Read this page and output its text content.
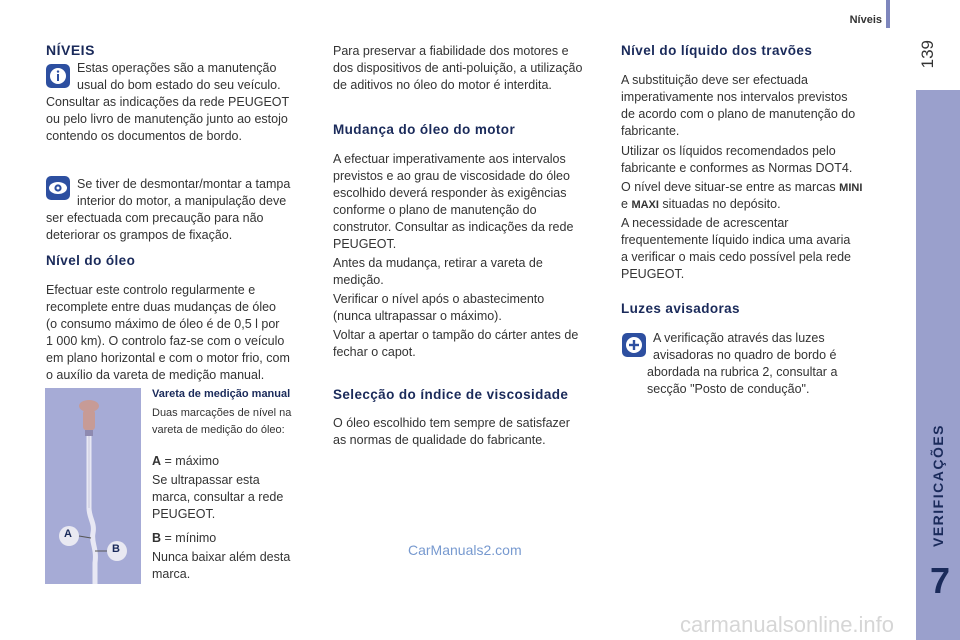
Níveis
139
VERIFICAÇÕES
7
NÍVEIS
Estas operações são a manutenção
usual do bom estado do seu veículo.
Consultar as indicações da rede PEUGEOT
ou pelo livro de manutenção junto ao estojo
contendo os documentos de bordo.
Se tiver de desmontar/montar a tampa
interior do motor, a manipulação deve
ser efectuada com precaução para não
deteriorar os grampos de fixação.
Nível do óleo
Efectuar este controlo regularmente e
recomplete entre duas mudanças de óleo
(o consumo máximo de óleo é de 0,5 l por
1 000 km). O controlo faz-se com o veículo
em plano horizontal e com o motor frio, com
o auxílio da vareta de medição manual.
A
B
Vareta de medição manual
Duas marcações de nível na
vareta de medição do óleo:
A = máximo
Se ultrapassar esta
marca, consultar a rede
PEUGEOT.
B = mínimo
Nunca baixar além desta
marca.
Para preservar a fiabilidade dos motores e
dos dispositivos de anti-poluição, a utilização
de aditivos no óleo do motor é interdita.
Mudança do óleo do motor
A efectuar imperativamente aos intervalos
previstos e ao grau de viscosidade do óleo
escolhido deverá responder às exigências
conforme o plano de manutenção do
construtor. Consultar as indicações da rede
PEUGEOT.
Antes da mudança, retirar a vareta de
medição.
Verificar o nível após o abastecimento
(nunca ultrapassar o máximo).
Voltar a apertar o tampão do cárter antes de
fechar o capot.
Selecção do índice de viscosidade
O óleo escolhido tem sempre de satisfazer
as normas de qualidade do fabricante.
Nível do líquido dos travões
A substituição deve ser efectuada
imperativamente nos intervalos previstos
de acordo com o plano de manutenção do
fabricante.
Utilizar os líquidos recomendados pelo
fabricante e conformes as Normas DOT4.
O nível deve situar-se entre as marcas MINI
e MAXI situadas no depósito.
A necessidade de acrescentar
frequentemente líquido indica uma avaria
a verificar o mais cedo possível pela rede
PEUGEOT.
Luzes avisadoras
A verificação através das luzes
avisadoras no quadro de bordo é
abordada na rubrica 2, consultar a
secção "Posto de condução".
CarManuals2.com
carmanualsonline.info
